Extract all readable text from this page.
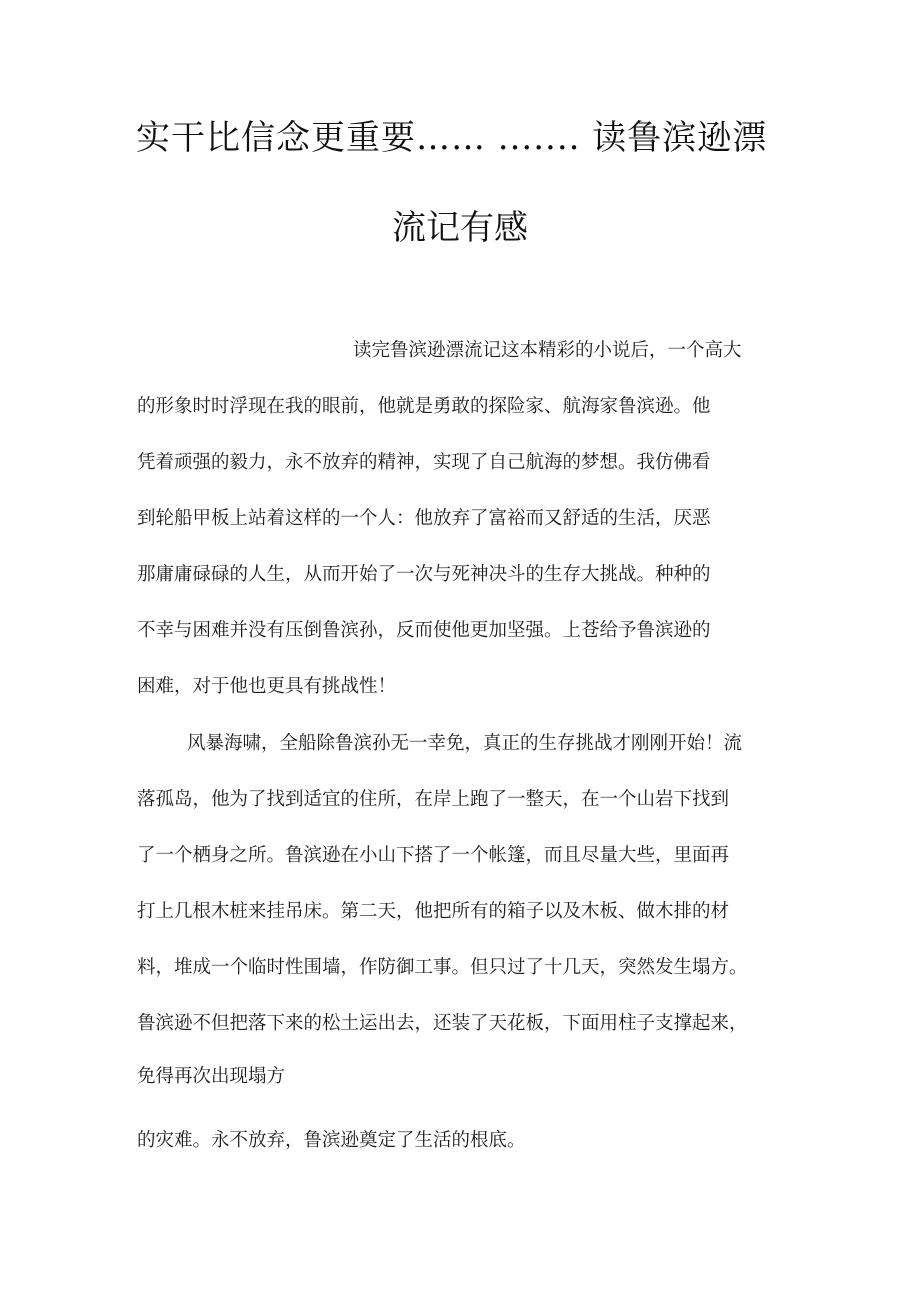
实干比信念更重要…… ....... 读鲁滨逊漂
流记有感
读完鲁滨逊漂流记这本精彩的小说后，一个高大
的形象时时浮现在我的眼前，他就是勇敢的探险家、航海家鲁滨逊。他
凭着顽强的毅力，永不放弃的精神，实现了自己航海的梦想。我仿佛看
到轮船甲板上站着这样的一个人：他放弃了富裕而又舒适的生活，厌恶
那庸庸碌碌的人生，从而开始了一次与死神决斗的生存大挑战。种种的
不幸与困难并没有压倒鲁滨孙，反而使他更加坚强。上苍给予鲁滨逊的
困难，对于他也更具有挑战性！
风暴海啸，全船除鲁滨孙无一幸免，真正的生存挑战才刚刚开始！流
落孤岛，他为了找到适宜的住所，在岸上跑了一整天，在一个山岩下找到
了一个栖身之所。鲁滨逊在小山下搭了一个帐篷，而且尽量大些，里面再
打上几根木桩来挂吊床。第二天，他把所有的箱子以及木板、做木排的材
料，堆成一个临时性围墙，作防御工事。但只过了十几天，突然发生塌方。
鲁滨逊不但把落下来的松土运出去，还装了天花板，下面用柱子支撑起来，
免得再次出现塌方
的灾难。永不放弃，鲁滨逊奠定了生活的根底。
